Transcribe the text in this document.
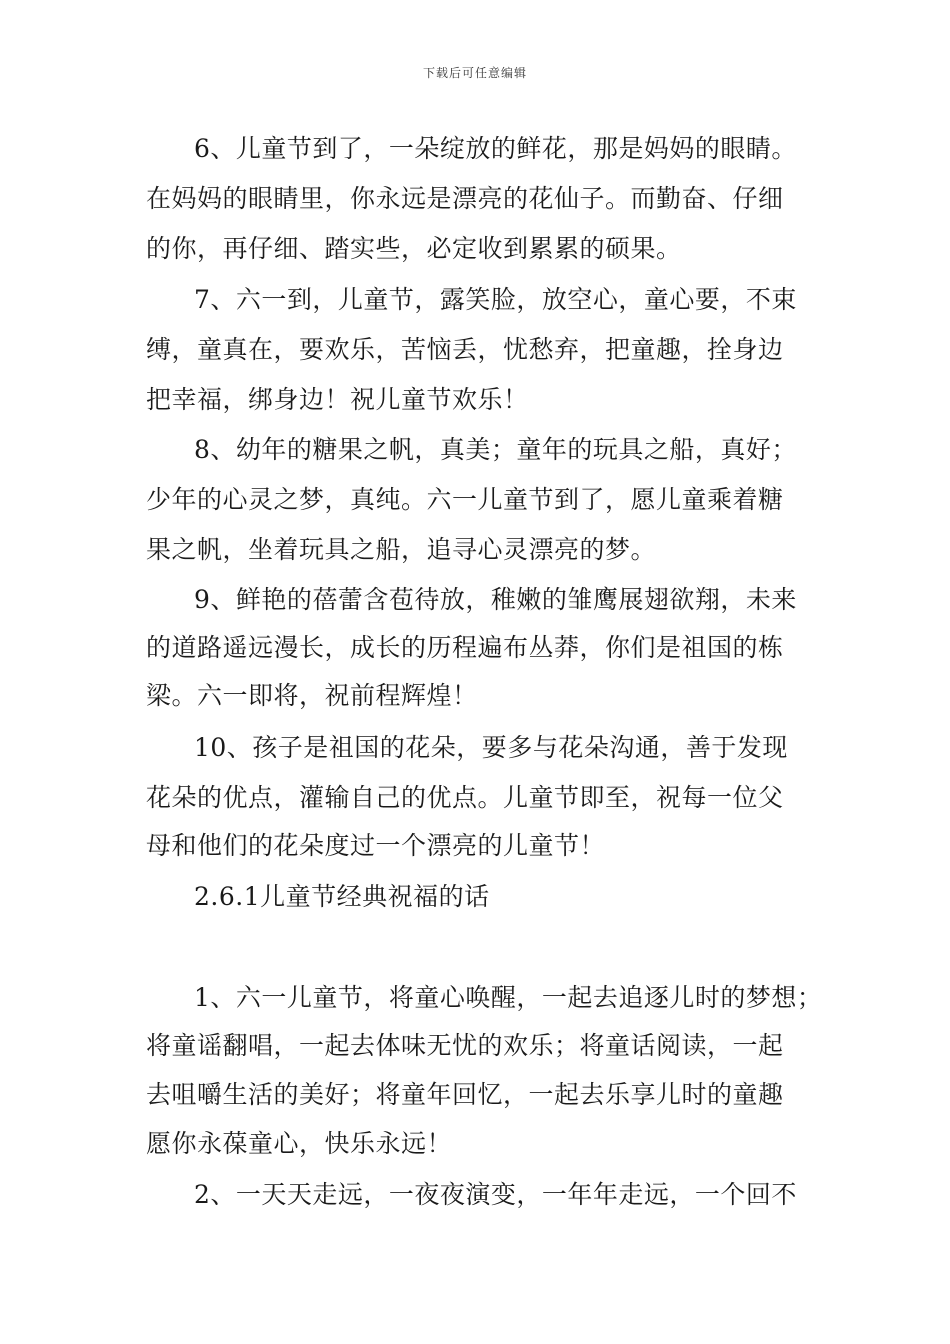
下载后可任意编辑
6、儿童节到了，一朵绽放的鲜花，那是妈妈的眼睛。
在妈妈的眼睛里，你永远是漂亮的花仙子。而勤奋、仔细
的你，再仔细、踏实些，必定收到累累的硕果。
7、六一到，儿童节，露笑脸，放空心，童心要，不束
缚，童真在，要欢乐，苦恼丢，忧愁弃，把童趣，拴身边
把幸福，绑身边！祝儿童节欢乐！
8、幼年的糖果之帆，真美；童年的玩具之船，真好；
少年的心灵之梦，真纯。六一儿童节到了，愿儿童乘着糖
果之帆，坐着玩具之船，追寻心灵漂亮的梦。
9、鲜艳的蓓蕾含苞待放，稚嫩的雏鹰展翅欲翔，未来
的道路遥远漫长，成长的历程遍布丛莽，你们是祖国的栋
梁。六一即将，祝前程辉煌！
10、孩子是祖国的花朵，要多与花朵沟通，善于发现
花朵的优点，灌输自己的优点。儿童节即至，祝每一位父
母和他们的花朵度过一个漂亮的儿童节！
2.6.1儿童节经典祝福的话
1、六一儿童节，将童心唤醒，一起去追逐儿时的梦想；
将童谣翻唱，一起去体味无忧的欢乐；将童话阅读，一起
去咀嚼生活的美好；将童年回忆，一起去乐享儿时的童趣
愿你永葆童心，快乐永远！
2、一天天走远，一夜夜演变，一年年走远，一个回不
